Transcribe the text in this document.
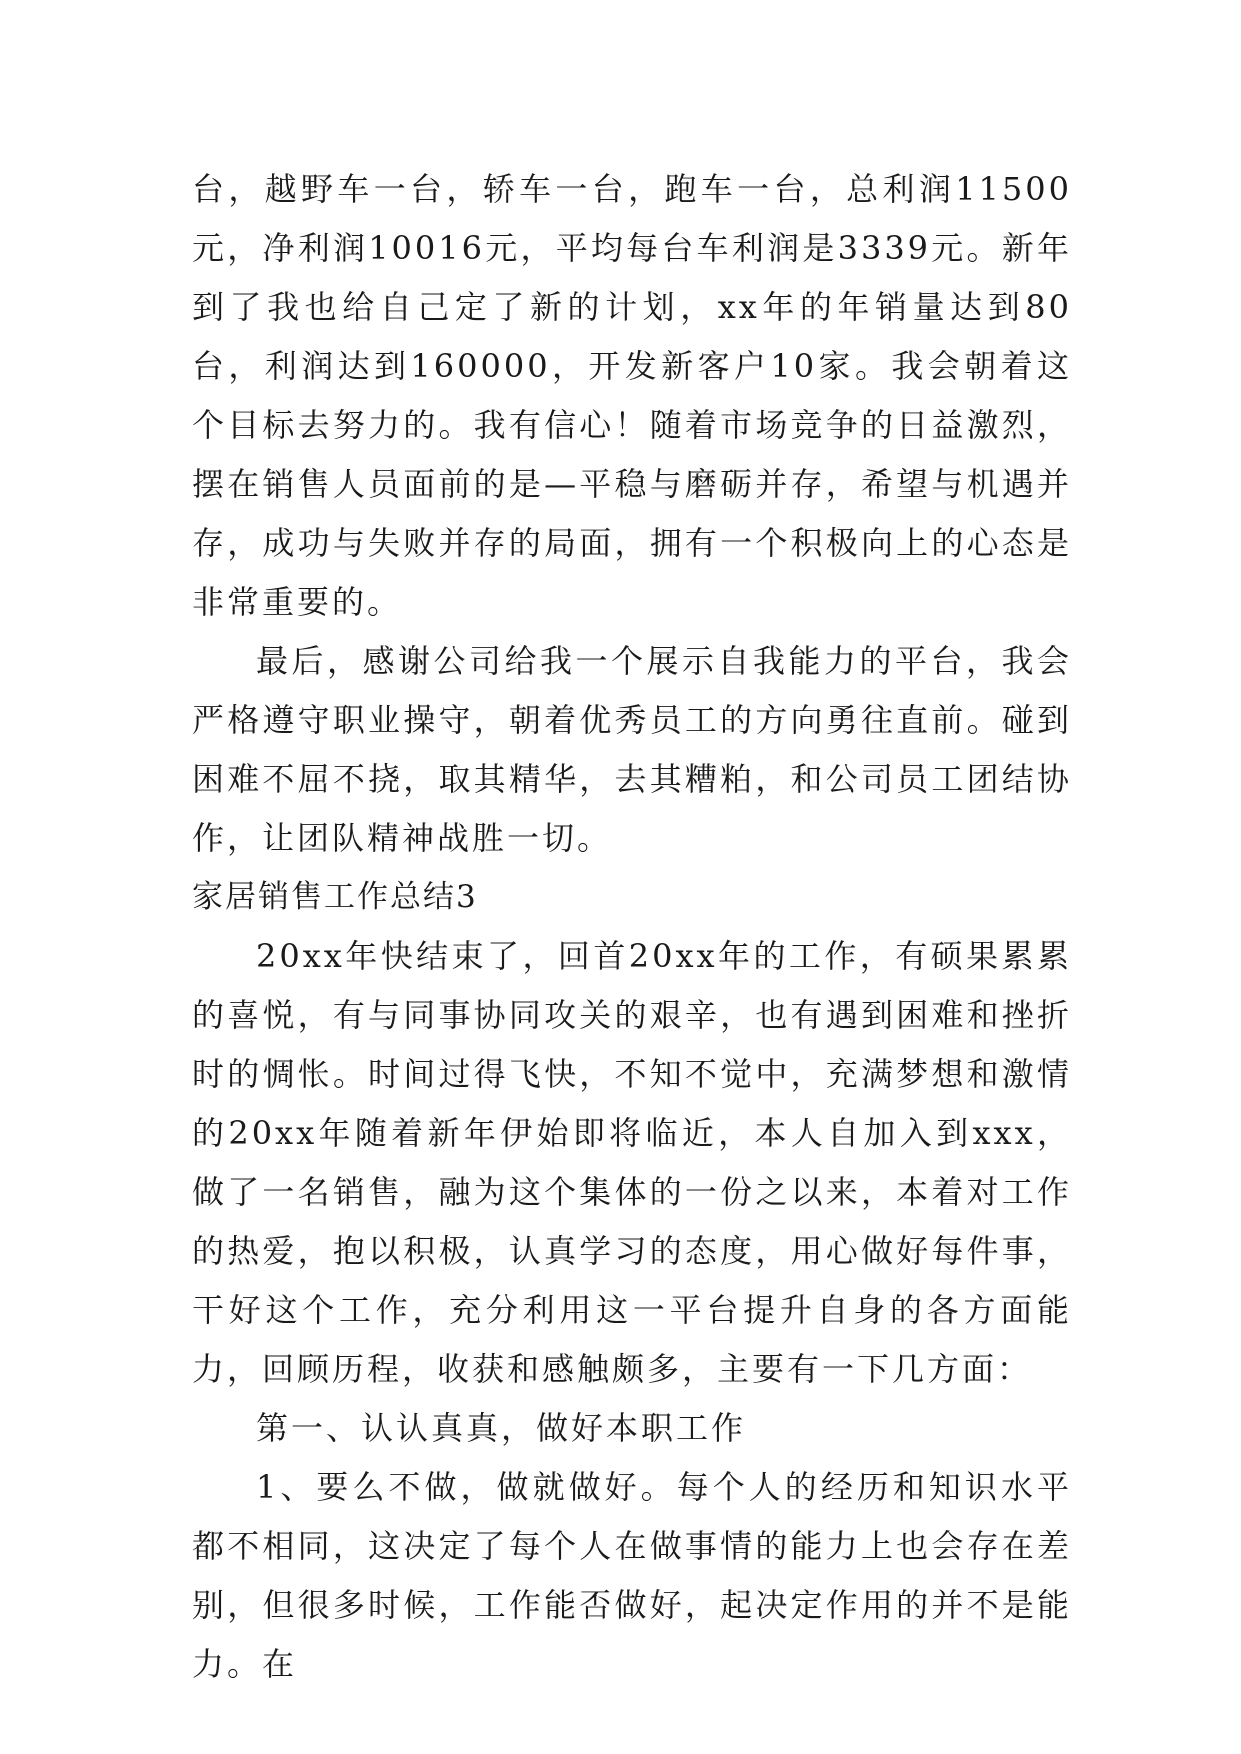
台，越野车一台，轿车一台，跑车一台，总利润11500元，净利润10016元，平均每台车利润是3339元。新年到了我也给自己定了新的计划，xx年的年销量达到80台，利润达到160000，开发新客户10家。我会朝着这个目标去努力的。我有信心！随着市场竞争的日益激烈，摆在销售人员面前的是—平稳与磨砺并存，希望与机遇并存，成功与失败并存的局面，拥有一个积极向上的心态是非常重要的。

最后，感谢公司给我一个展示自我能力的平台，我会严格遵守职业操守，朝着优秀员工的方向勇往直前。碰到困难不屈不挠，取其精华，去其糟粕，和公司员工团结协作，让团队精神战胜一切。

家居销售工作总结3

20xx年快结束了，回首20xx年的工作，有硕果累累的喜悦，有与同事协同攻关的艰辛，也有遇到困难和挫折时的惆怅。时间过得飞快，不知不觉中，充满梦想和激情的20xx年随着新年伊始即将临近，本人自加入到xxx，做了一名销售，融为这个集体的一份之以来，本着对工作的热爱，抱以积极，认真学习的态度，用心做好每件事，干好这个工作，充分利用这一平台提升自身的各方面能力，回顾历程，收获和感触颇多，主要有一下几方面：

第一、认认真真，做好本职工作

1、要么不做，做就做好。每个人的经历和知识水平都不相同，这决定了每个人在做事情的能力上也会存在差别，但很多时候，工作能否做好，起决定作用的并不是能力。在
